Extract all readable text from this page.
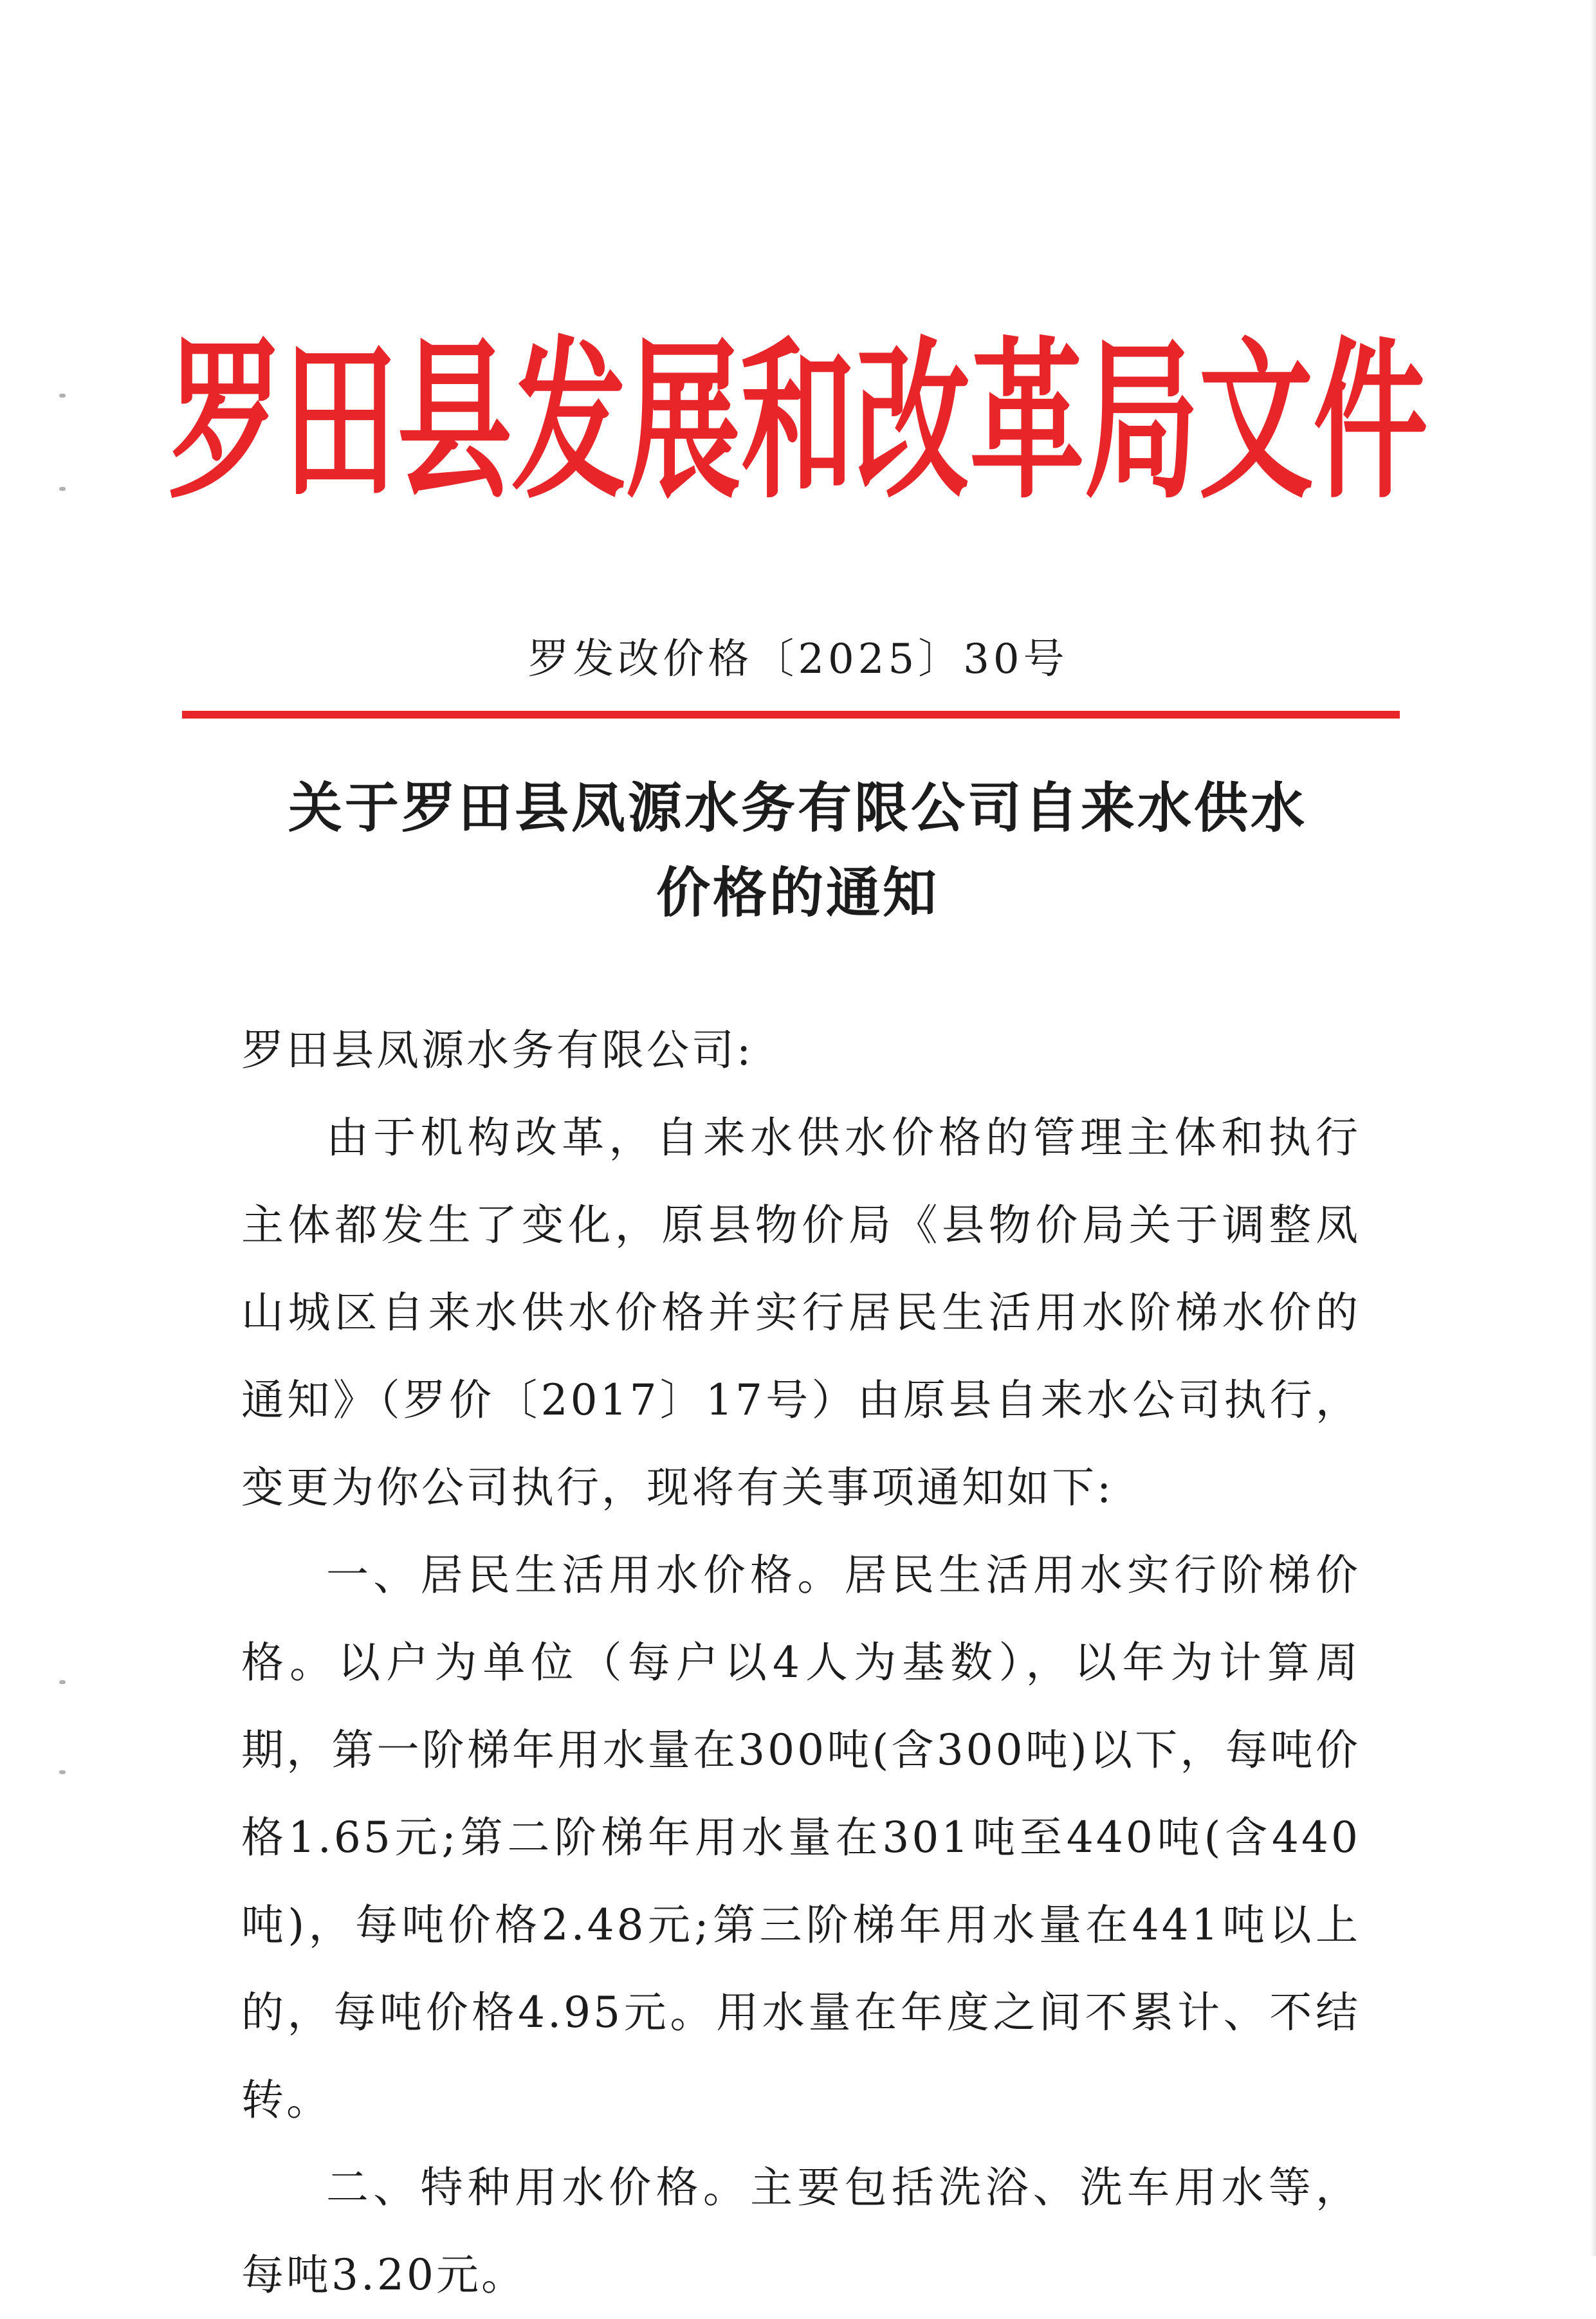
罗田县发展和改革局文件
罗发改价格〔2025〕30号
关于罗田县凤源水务有限公司自来水供水
价格的通知

罗田县凤源水务有限公司:

由于机构改革，自来水供水价格的管理主体和执行主体都发生了变化，原县物价局《县物价局关于调整凤山城区自来水供水价格并实行居民生活用水阶梯水价的通知》（罗价〔2017〕17号）由原县自来水公司执行，变更为你公司执行，现将有关事项通知如下:

一、居民生活用水价格。居民生活用水实行阶梯价格。以户为单位（每户以4人为基数），以年为计算周期，第一阶梯年用水量在300吨(含300吨)以下，每吨价格1.65元;第二阶梯年用水量在301吨至440吨(含440吨)，每吨价格2.48元;第三阶梯年用水量在441吨以上的，每吨价格4.95元。用水量在年度之间不累计、不结转。

二、特种用水价格。主要包括洗浴、洗车用水等，每吨3.20元。
